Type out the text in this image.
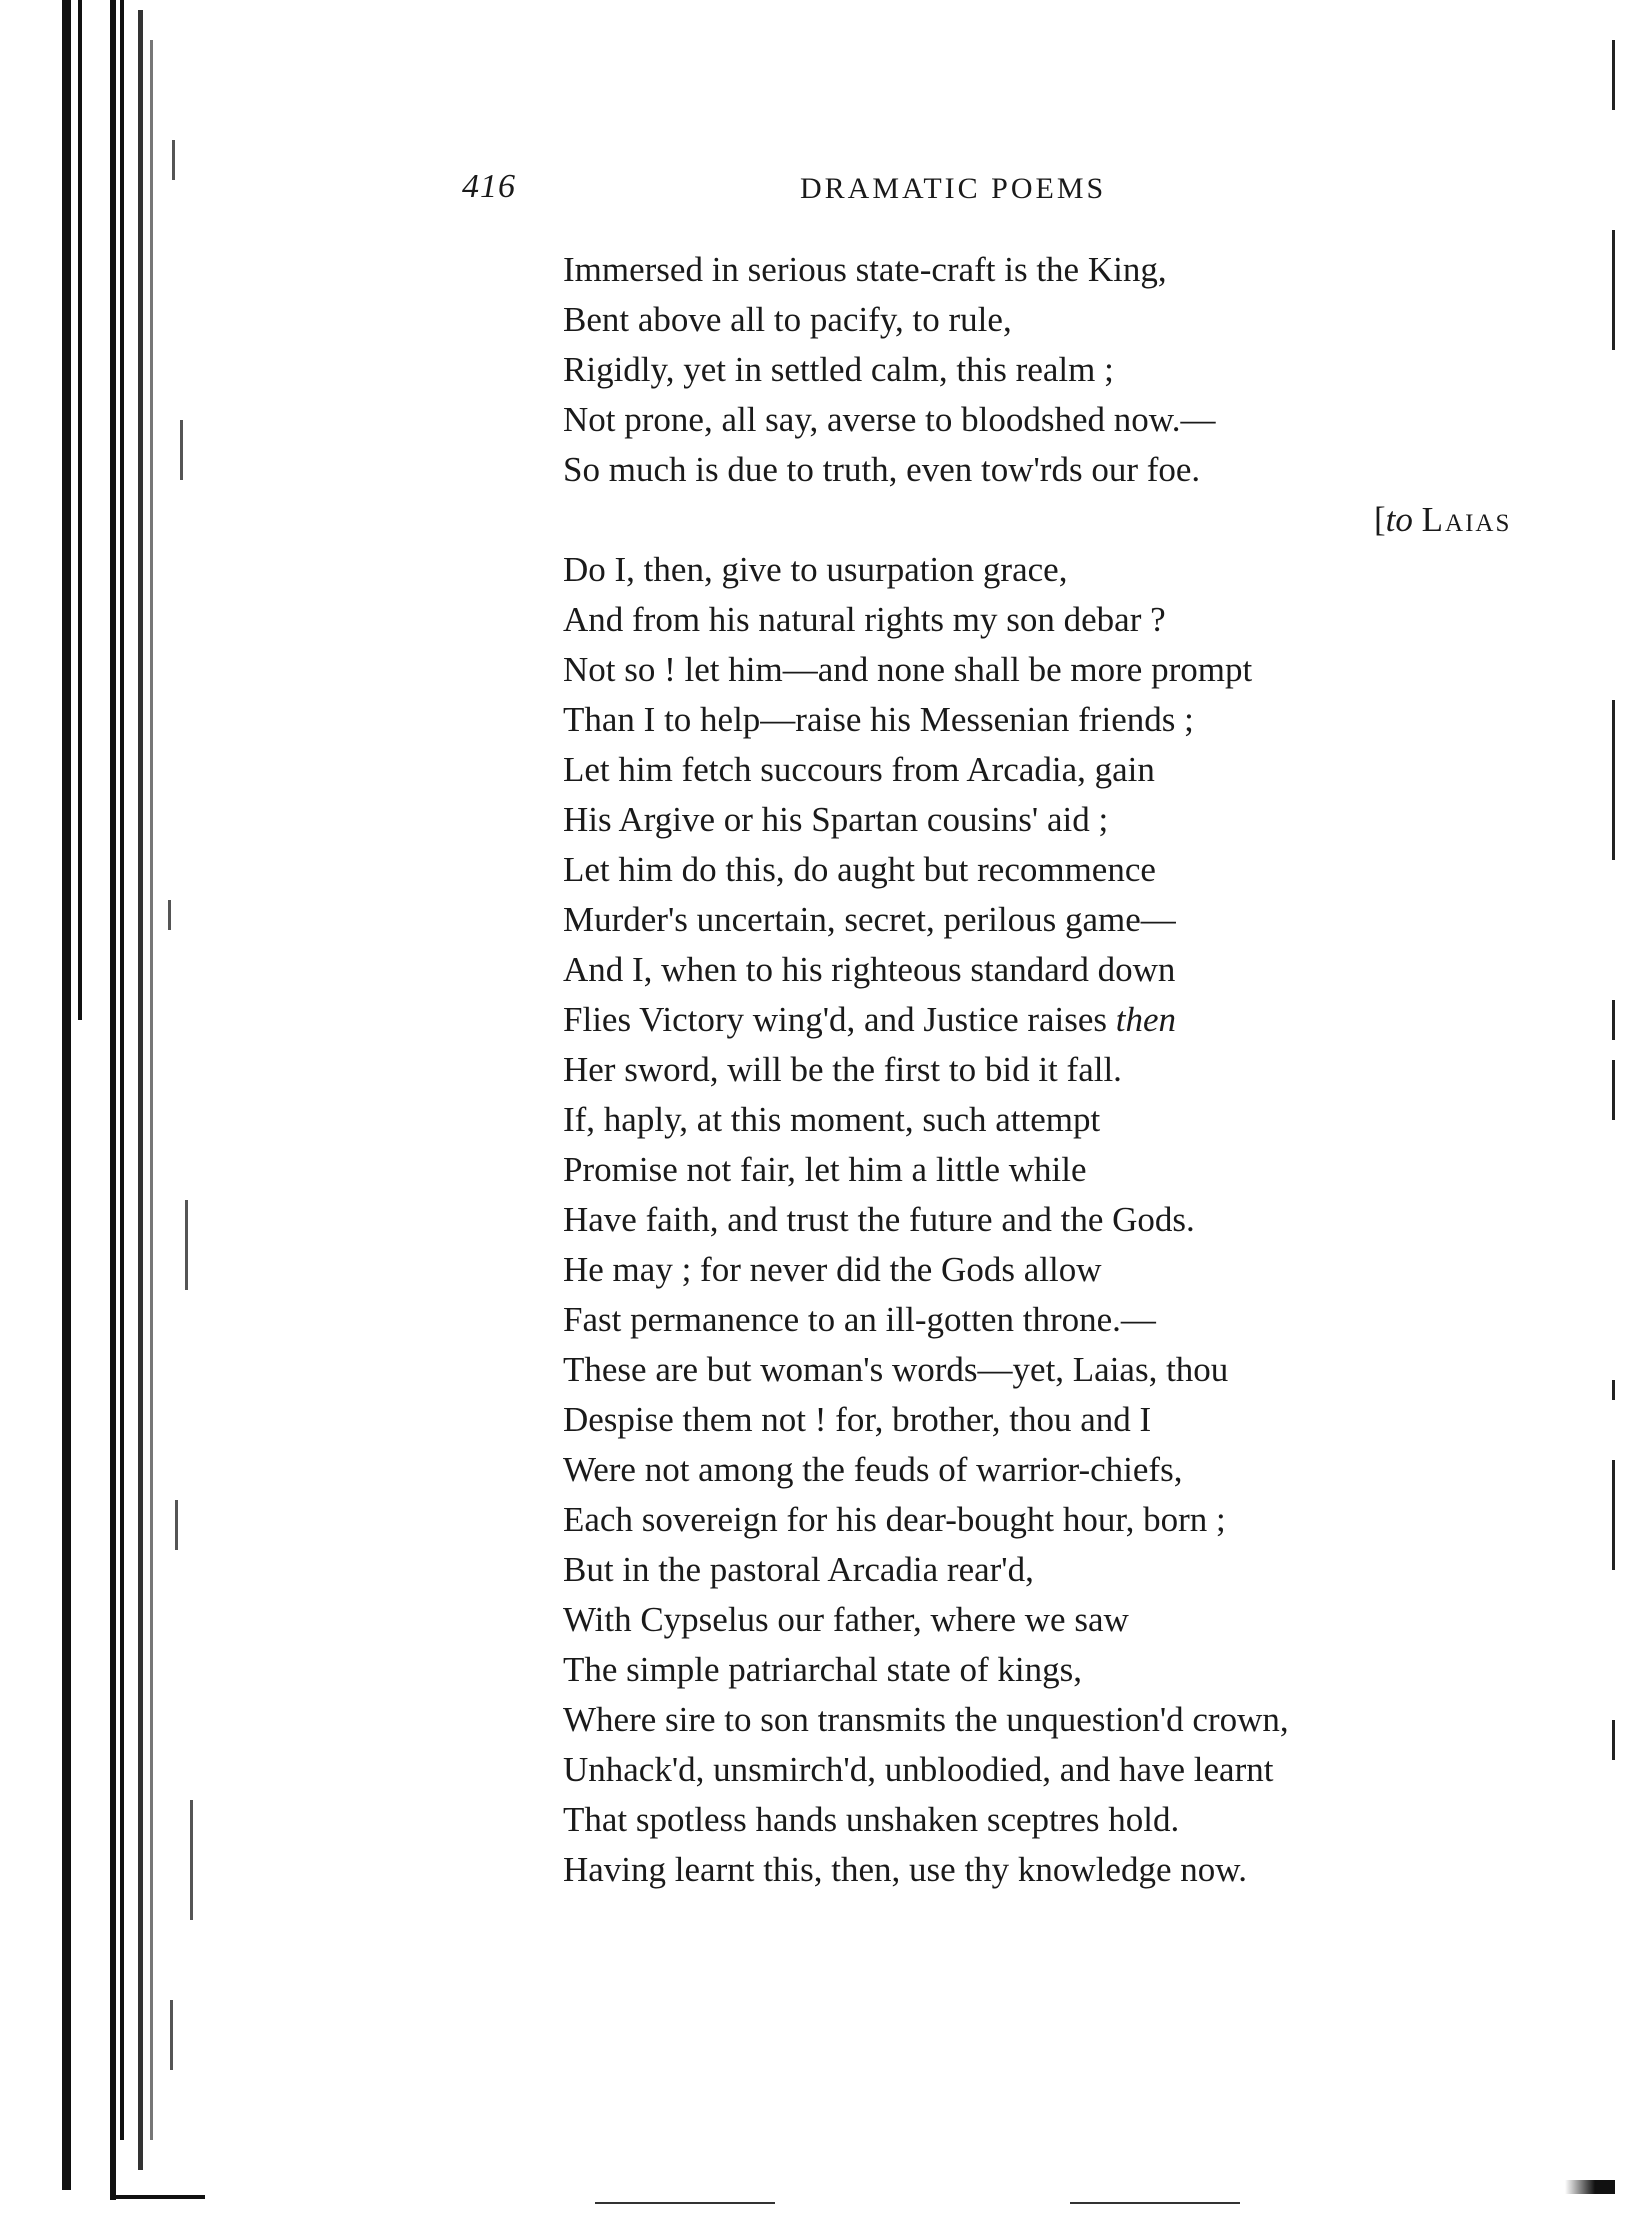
416	DRAMATIC POEMS
Immersed in serious state-craft is the King,
Bent above all to pacify, to rule,
Rigidly, yet in settled calm, this realm ;
Not prone, all say, averse to bloodshed now.—
So much is due to truth, even tow'rds our foe.
[to Laias
Do I, then, give to usurpation grace,
And from his natural rights my son debar ?
Not so ! let him—and none shall be more prompt
Than I to help—raise his Messenian friends ;
Let him fetch succours from Arcadia, gain
His Argive or his Spartan cousins' aid ;
Let him do this, do aught but recommence
Murder's uncertain, secret, perilous game—
And I, when to his righteous standard down
Flies Victory wing'd, and Justice raises then
Her sword, will be the first to bid it fall.
If, haply, at this moment, such attempt
Promise not fair, let him a little while
Have faith, and trust the future and the Gods.
He may ; for never did the Gods allow
Fast permanence to an ill-gotten throne.—
These are but woman's words—yet, Laias, thou
Despise them not ! for, brother, thou and I
Were not among the feuds of warrior-chiefs,
Each sovereign for his dear-bought hour, born ;
But in the pastoral Arcadia rear'd,
With Cypselus our father, where we saw
The simple patriarchal state of kings,
Where sire to son transmits the unquestion'd crown,
Unhack'd, unsmirch'd, unbloodied, and have learnt
That spotless hands unshaken sceptres hold.
Having learnt this, then, use thy knowledge now.
